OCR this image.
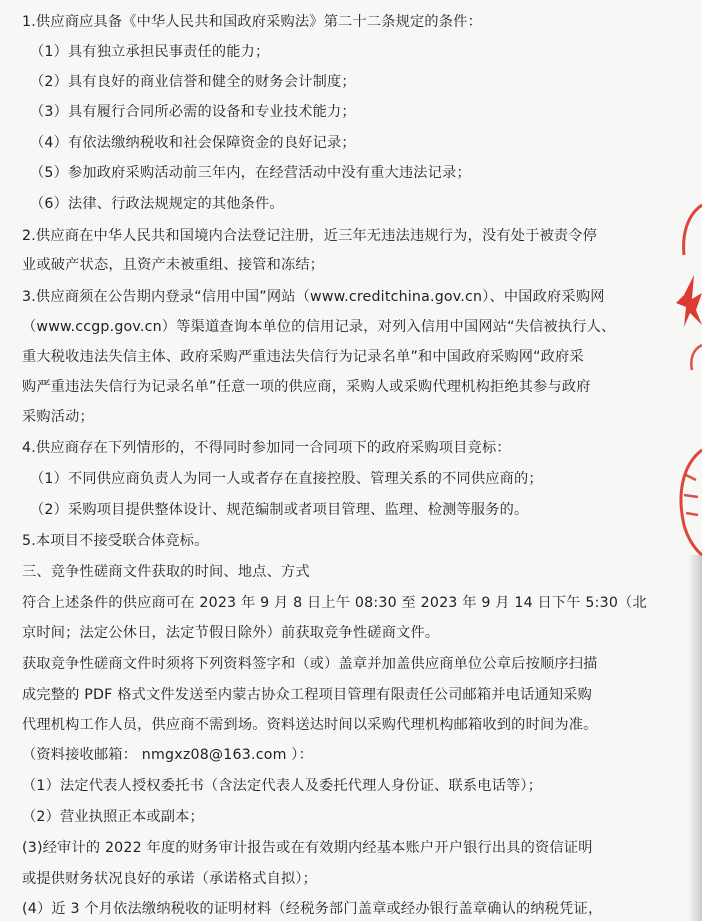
1.供应商应具备《中华人民共和国政府采购法》第二十二条规定的条件：
（1）具有独立承担民事责任的能力；
（2）具有良好的商业信誉和健全的财务会计制度；
（3）具有履行合同所必需的设备和专业技术能力；
（4）有依法缴纳税收和社会保障资金的良好记录；
（5）参加政府采购活动前三年内，在经营活动中没有重大违法记录；
（6）法律、行政法规规定的其他条件。
2.供应商在中华人民共和国境内合法登记注册，近三年无违法违规行为，没有处于被责令停
业或破产状态，且资产未被重组、接管和冻结；
3.供应商须在公告期内登录“信用中国”网站（www.creditchina.gov.cn）、中国政府采购网
（www.ccgp.gov.cn）等渠道查询本单位的信用记录，对列入信用中国网站“失信被执行人、
重大税收违法失信主体、政府采购严重违法失信行为记录名单”和中国政府采购网“政府采
购严重违法失信行为记录名单”任意一项的供应商，采购人或采购代理机构拒绝其参与政府
采购活动；
4.供应商存在下列情形的，不得同时参加同一合同项下的政府采购项目竞标：
（1）不同供应商负责人为同一人或者存在直接控股、管理关系的不同供应商的；
（2）采购项目提供整体设计、规范编制或者项目管理、监理、检测等服务的。
5.本项目不接受联合体竞标。
三、竞争性磋商文件获取的时间、地点、方式
符合上述条件的供应商可在 2023 年 9 月 8 日上午 08:30 至 2023 年 9 月 14 日下午 5:30（北
京时间；法定公休日，法定节假日除外）前获取竞争性磋商文件。
获取竞争性磋商文件时须将下列资料签字和（或）盖章并加盖供应商单位公章后按顺序扫描
成完整的 PDF 格式文件发送至内蒙古协众工程项目管理有限责任公司邮箱并电话通知采购
代理机构工作人员，供应商不需到场。资料送达时间以采购代理机构邮箱收到的时间为准。
（资料接收邮箱： nmgxz08@163.com ）：
（1）法定代表人授权委托书（含法定代表人及委托代理人身份证、联系电话等）；
（2）营业执照正本或副本；
(3)经审计的 2022 年度的财务审计报告或在有效期内经基本账户开户银行出具的资信证明
或提供财务状况良好的承诺（承诺格式自拟）；
(4）近 3 个月依法缴纳税收的证明材料（经税务部门盖章或经办银行盖章确认的纳税凭证，
